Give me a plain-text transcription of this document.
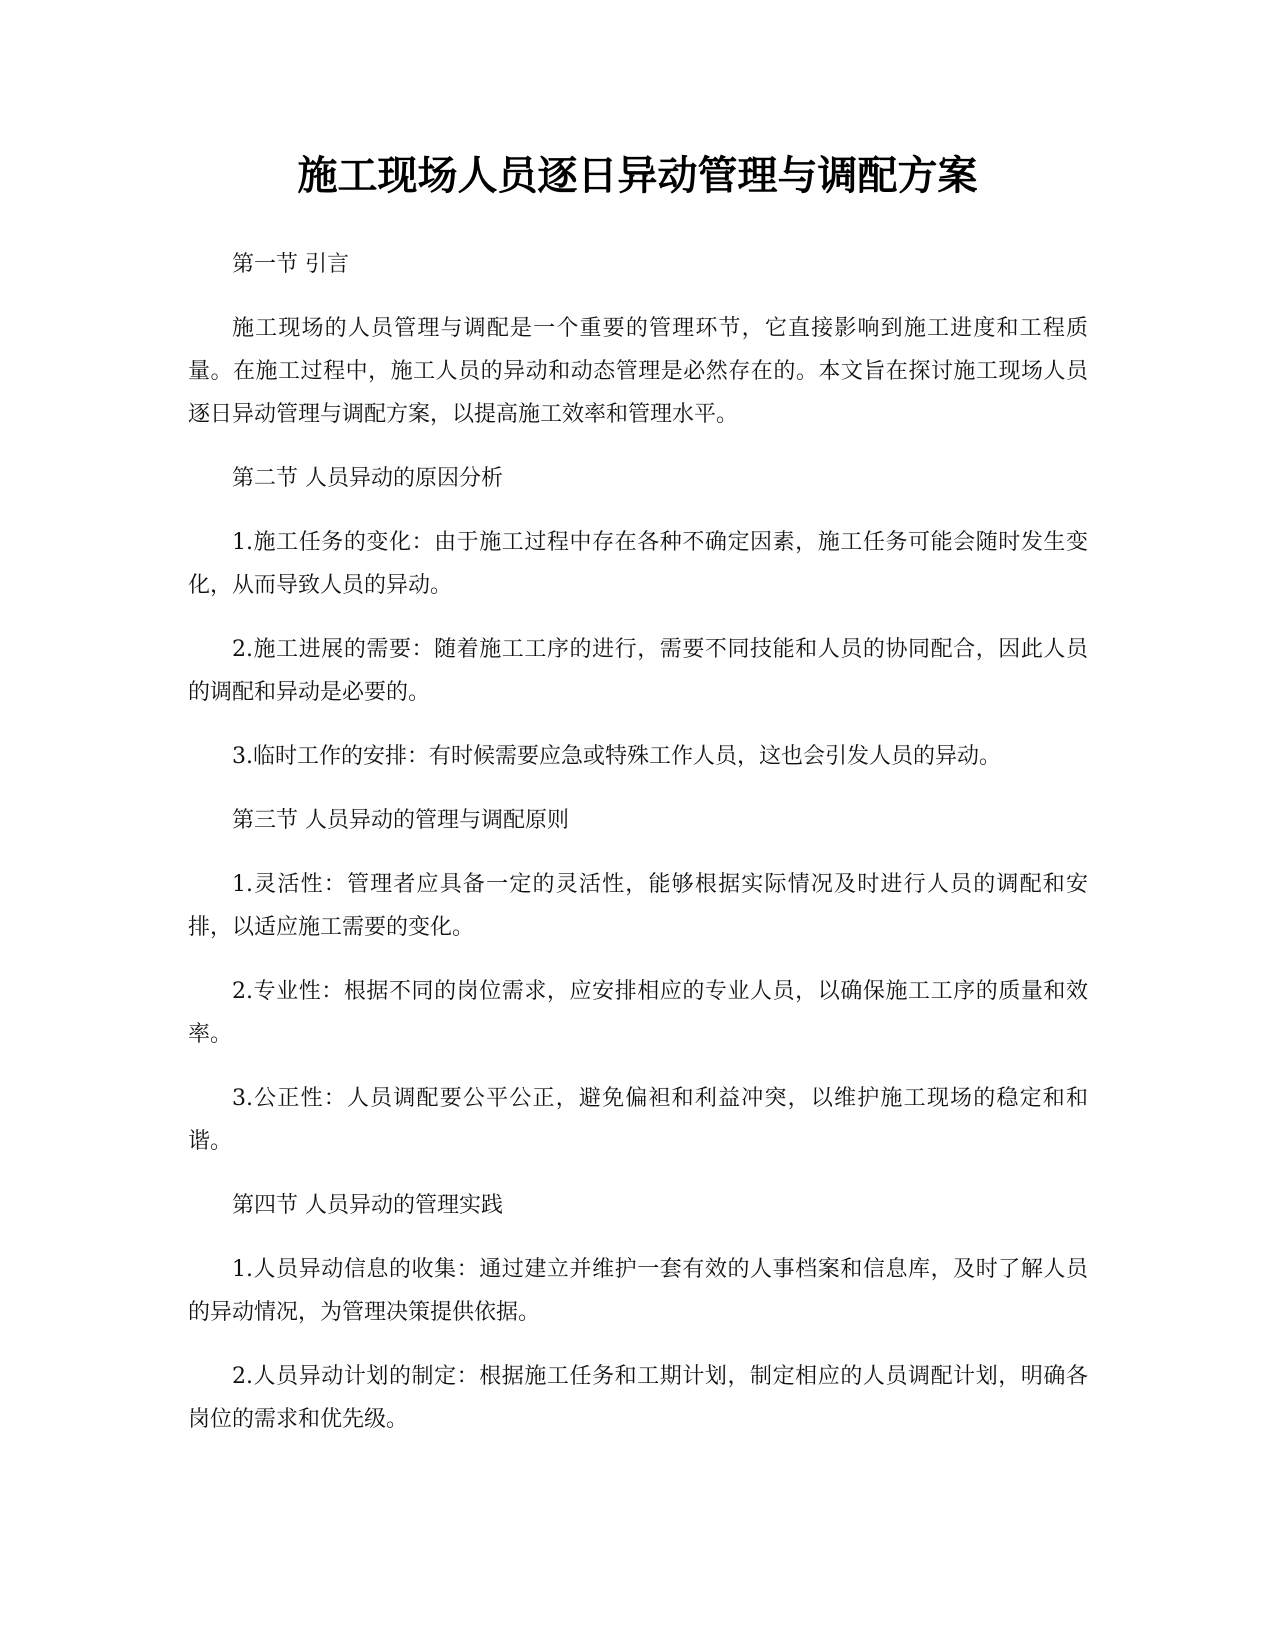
施工现场人员逐日异动管理与调配方案

第一节 引言

施工现场的人员管理与调配是一个重要的管理环节，它直接影响到施工进度和工程质量。在施工过程中，施工人员的异动和动态管理是必然存在的。本文旨在探讨施工现场人员逐日异动管理与调配方案，以提高施工效率和管理水平。

第二节 人员异动的原因分析

1.施工任务的变化：由于施工过程中存在各种不确定因素，施工任务可能会随时发生变化，从而导致人员的异动。

2.施工进展的需要：随着施工工序的进行，需要不同技能和人员的协同配合，因此人员的调配和异动是必要的。

3.临时工作的安排：有时候需要应急或特殊工作人员，这也会引发人员的异动。

第三节 人员异动的管理与调配原则

1.灵活性：管理者应具备一定的灵活性，能够根据实际情况及时进行人员的调配和安排，以适应施工需要的变化。

2.专业性：根据不同的岗位需求，应安排相应的专业人员，以确保施工工序的质量和效率。

3.公正性：人员调配要公平公正，避免偏袒和利益冲突，以维护施工现场的稳定和和谐。

第四节 人员异动的管理实践

1.人员异动信息的收集：通过建立并维护一套有效的人事档案和信息库，及时了解人员的异动情况，为管理决策提供依据。

2.人员异动计划的制定：根据施工任务和工期计划，制定相应的人员调配计划，明确各岗位的需求和优先级。
